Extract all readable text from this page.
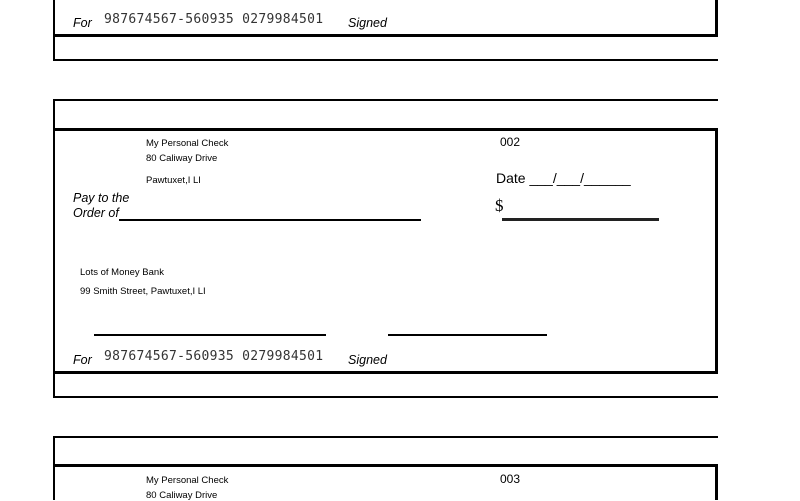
For 987674567-560935 0279984501 Signed
My Personal Check
80 Caliway Drive
Pawtuxet,I LI
002
Date ___/___/______
Pay to the
Order of	$
Lots of Money Bank
99 Smith Street, Pawtuxet,I LI
For 987674567-560935 0279984501 Signed
My Personal Check
80 Caliway Drive
003
